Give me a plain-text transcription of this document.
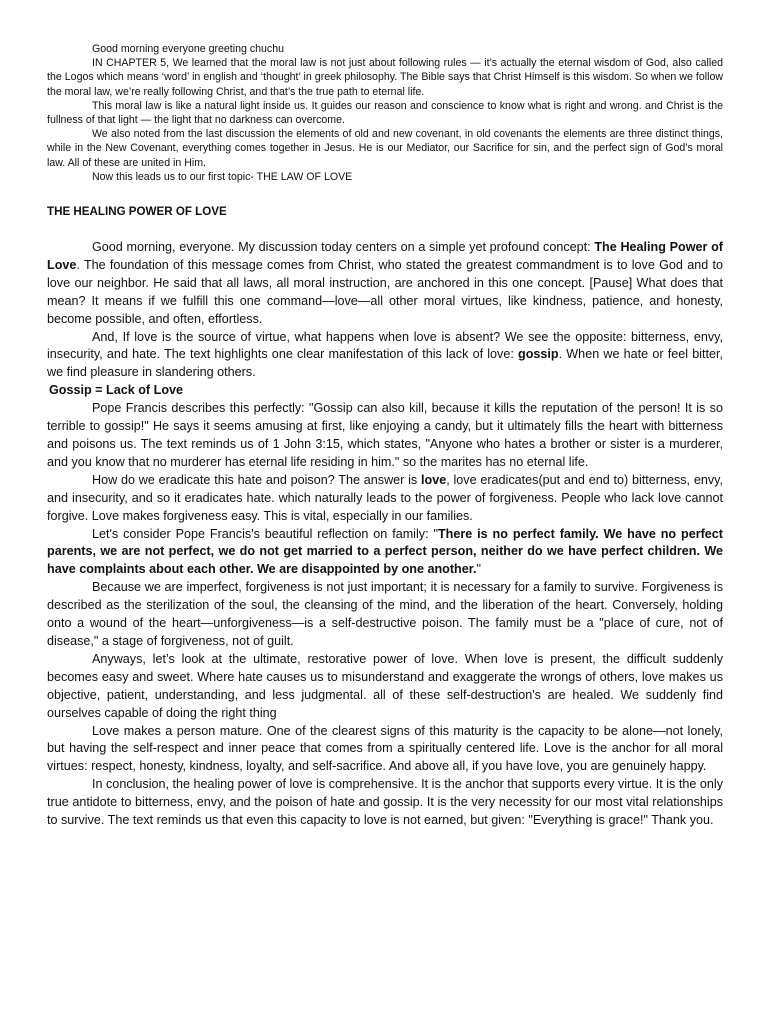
Good morning everyone greeting chuchu

IN CHAPTER 5, We learned that the moral law is not just about following rules — it’s actually the eternal wisdom of God, also called the Logos which means ‘word’ in english and ‘thought’ in greek philosophy. The Bible says that Christ Himself is this wisdom. So when we follow the moral law, we’re really following Christ, and that’s the true path to eternal life.

This moral law is like a natural light inside us. It guides our reason and conscience to know what is right and wrong. and Christ is the fullness of that light — the light that no darkness can overcome.

We also noted from the last discussion the elements of old and new covenant, in old covenants the elements are three distinct things, while in the New Covenant, everything comes together in Jesus. He is our Mediator, our Sacrifice for sin, and the perfect sign of God’s moral law. All of these are united in Him.

Now this leads us to our first topic- THE LAW OF LOVE

THE HEALING POWER OF LOVE

Good morning, everyone. My discussion today centers on a simple yet profound concept: The Healing Power of Love. The foundation of this message comes from Christ, who stated the greatest commandment is to love God and to love our neighbor. He said that all laws, all moral instruction, are anchored in this one concept. [Pause] What does that mean? It means if we fulfill this one command—love—all other moral virtues, like kindness, patience, and honesty, become possible, and often, effortless.

And, If love is the source of virtue, what happens when love is absent? We see the opposite: bitterness, envy, insecurity, and hate. The text highlights one clear manifestation of this lack of love: gossip. When we hate or feel bitter, we find pleasure in slandering others.

Gossip = Lack of Love

Pope Francis describes this perfectly: "Gossip can also kill, because it kills the reputation of the person! It is so terrible to gossip!" He says it seems amusing at first, like enjoying a candy, but it ultimately fills the heart with bitterness and poisons us. The text reminds us of 1 John 3:15, which states, "Anyone who hates a brother or sister is a murderer, and you know that no murderer has eternal life residing in him." so the marites has no eternal life.

How do we eradicate this hate and poison? The answer is love, love eradicates(put and end to) bitterness, envy, and insecurity, and so it eradicates hate. which naturally leads to the power of forgiveness. People who lack love cannot forgive. Love makes forgiveness easy. This is vital, especially in our families.

Let's consider Pope Francis's beautiful reflection on family: "There is no perfect family. We have no perfect parents, we are not perfect, we do not get married to a perfect person, neither do we have perfect children. We have complaints about each other. We are disappointed by one another."

Because we are imperfect, forgiveness is not just important; it is necessary for a family to survive. Forgiveness is described as the sterilization of the soul, the cleansing of the mind, and the liberation of the heart. Conversely, holding onto a wound of the heart—unforgiveness—is a self-destructive poison. The family must be a "place of cure, not of disease," a stage of forgiveness, not of guilt.

Anyways, let’s look at the ultimate, restorative power of love. When love is present, the difficult suddenly becomes easy and sweet. Where hate causes us to misunderstand and exaggerate the wrongs of others, love makes us objective, patient, understanding, and less judgmental. all of these self-destruction's are healed. We suddenly find ourselves capable of doing the right thing

Love makes a person mature. One of the clearest signs of this maturity is the capacity to be alone—not lonely, but having the self-respect and inner peace that comes from a spiritually centered life. Love is the anchor for all moral virtues: respect, honesty, kindness, loyalty, and self-sacrifice. And above all, if you have love, you are genuinely happy.

In conclusion, the healing power of love is comprehensive. It is the anchor that supports every virtue. It is the only true antidote to bitterness, envy, and the poison of hate and gossip. It is the very necessity for our most vital relationships to survive. The text reminds us that even this capacity to love is not earned, but given: "Everything is grace!" Thank you.
